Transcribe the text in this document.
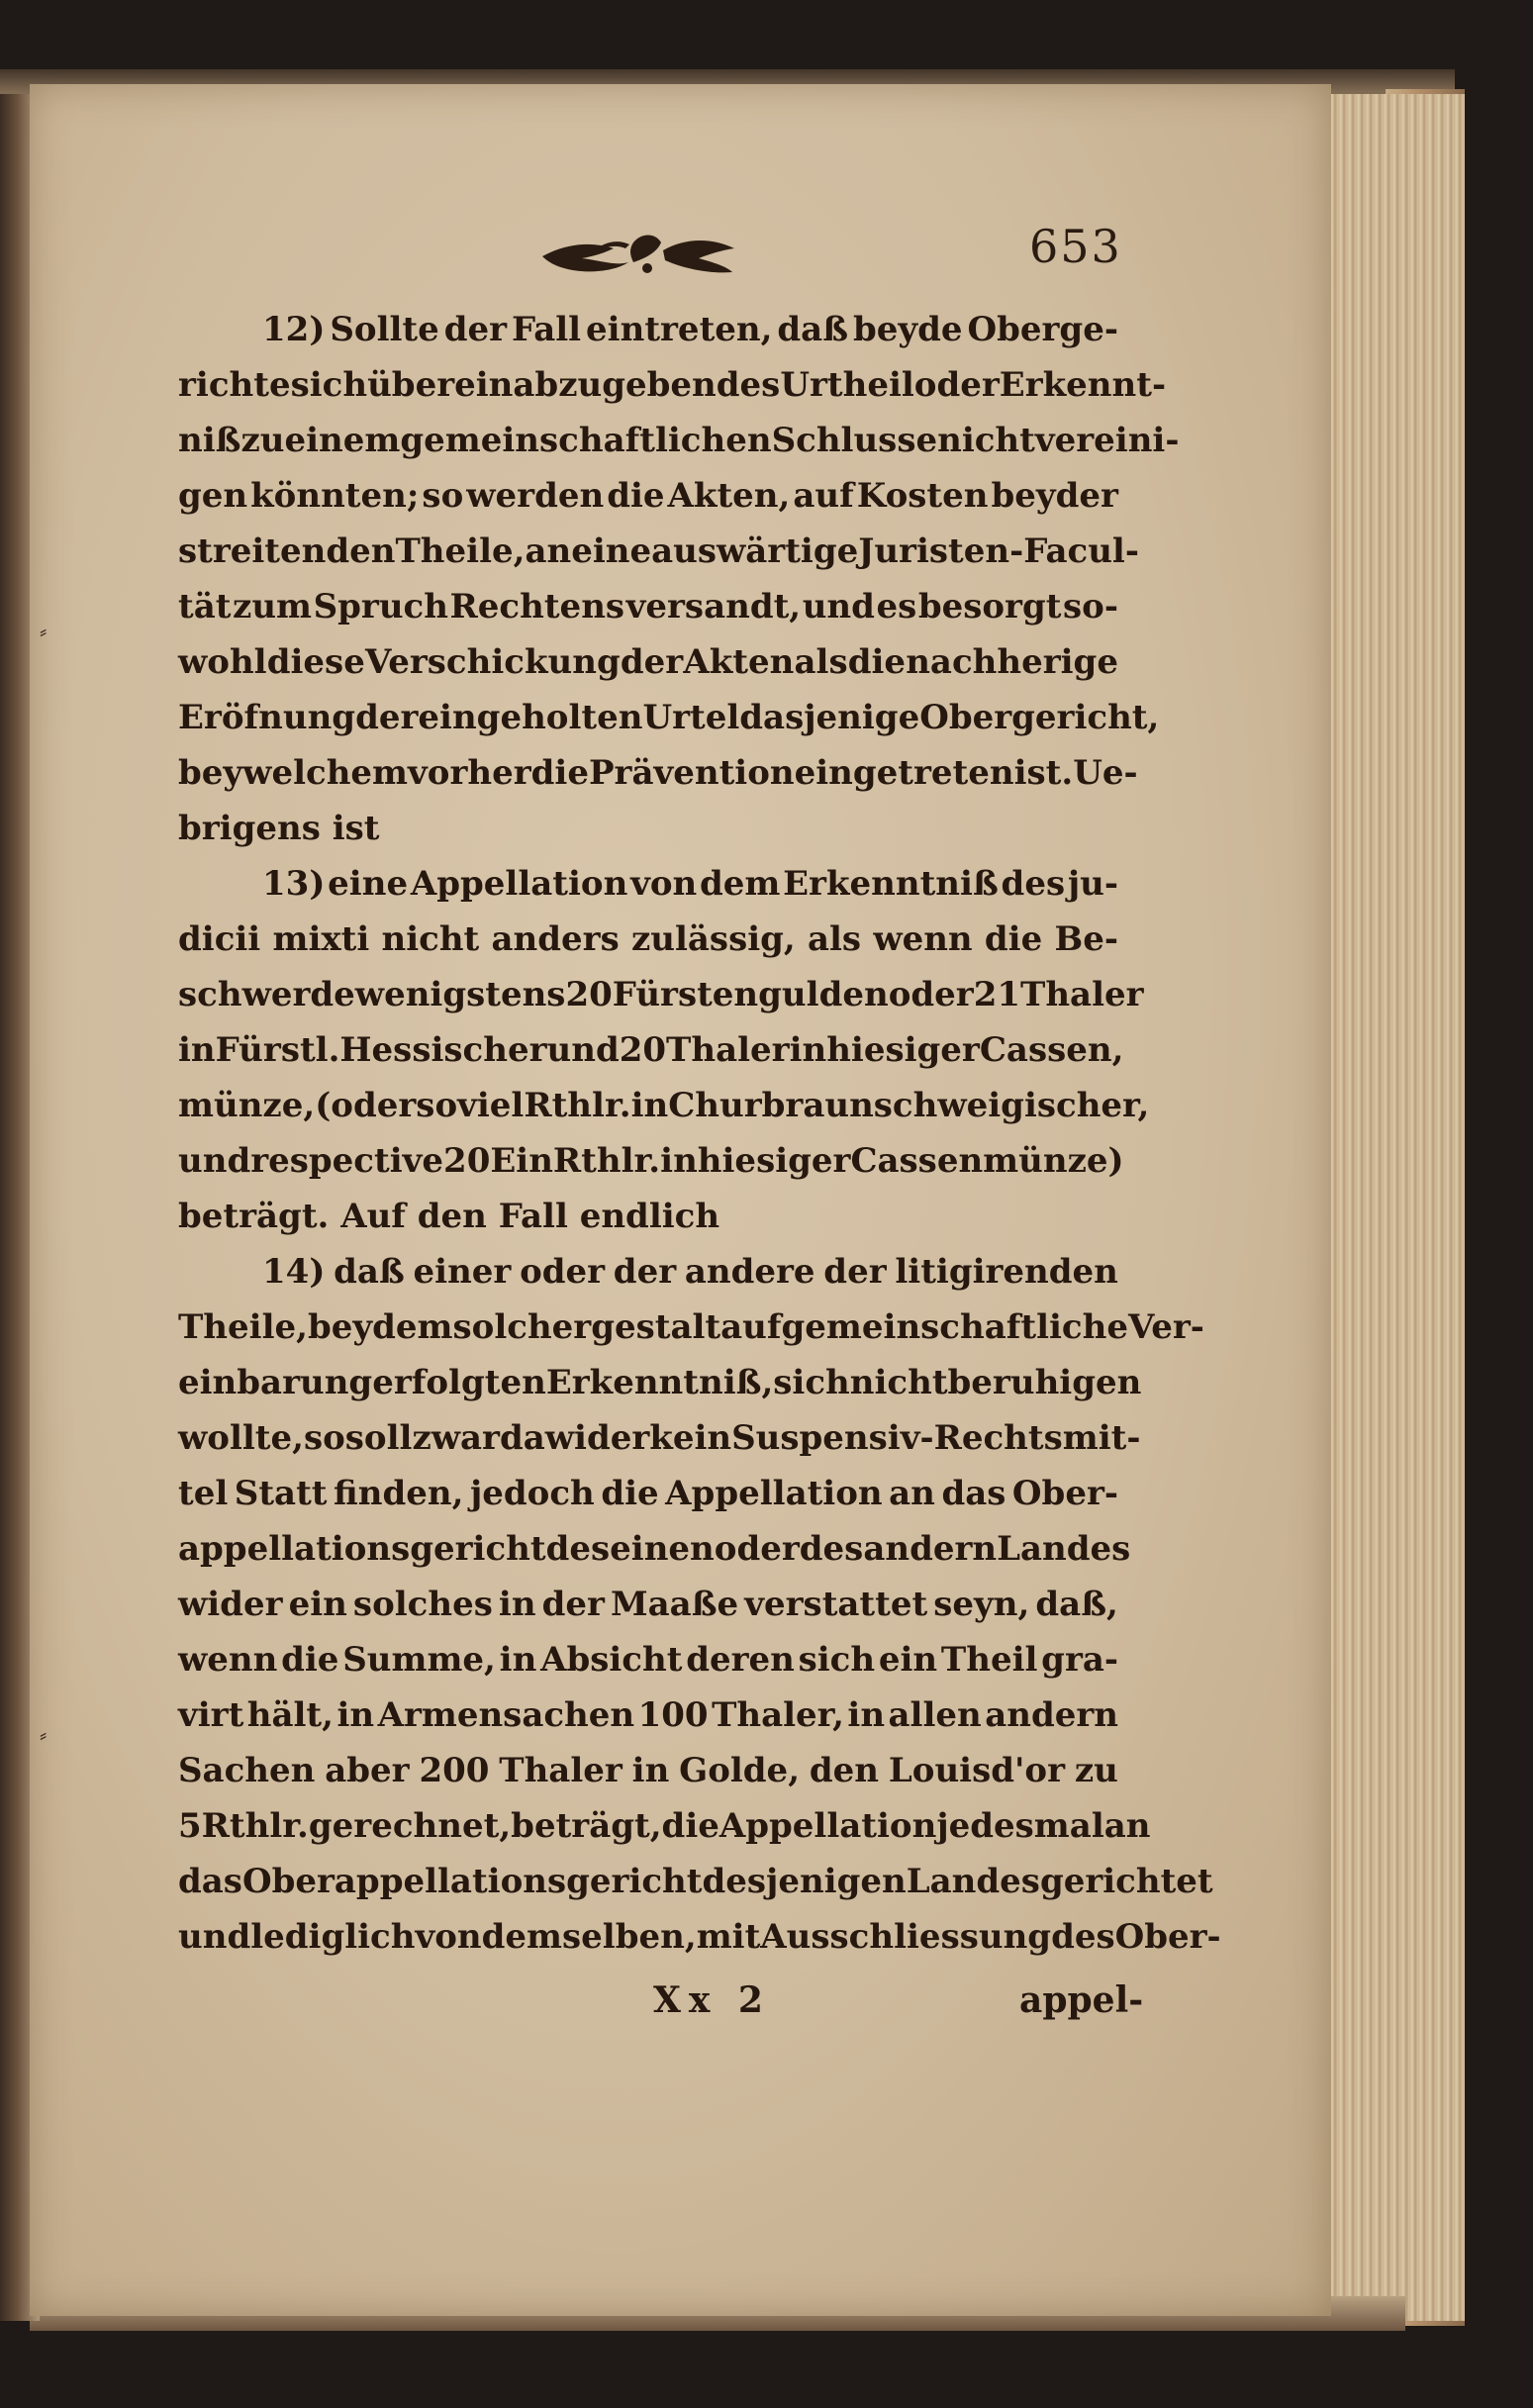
653
12) Sollte der Fall eintreten, daß beyde Oberge-
richte sich über ein abzugebendes Urtheil oder Erkennt-
niß zu einem gemeinschaftlichen Schlusse nicht vereini-
gen könnten; so werden die Akten, auf Kosten beyder
streitenden Theile, an eine auswärtige Juristen-Facul-
tät zum Spruch Rechtens versandt, und es besorgt so-
wohl diese Verschickung der Akten als die nachherige
Eröfnung der eingeholten Urtel dasjenige Obergericht,
bey welchem vorher die Prävention eingetreten ist. Ue-
brigens ist
13) eine Appellation von dem Erkenntniß des ju-
dicii mixti nicht anders zulässig, als wenn die Be-
schwerde wenigstens 20 Fürstengulden oder 21 Thaler
in Fürstl. Hessischer und 20 Thaler in hiesiger Cassen,
münze, (oder soviel Rthlr. in Churbraunschweigischer,
und respective 20 Ein Rthlr. in hiesiger Cassenmünze)
beträgt. Auf den Fall endlich
14) daß einer oder der andere der litigirenden
Theile, bey dem solchergestalt auf gemeinschaftliche Ver-
einbarung erfolgten Erkenntniß, sich nicht beruhigen
wollte, so soll zwar dawider kein Suspensiv-Rechtsmit-
tel Statt finden, jedoch die Appellation an das Ober-
appellationsgericht des einen oder des andern Landes
wider ein solches in der Maaße verstattet seyn, daß,
wenn die Summe, in Absicht deren sich ein Theil gra-
virt hält, in Armensachen 100 Thaler, in allen andern
Sachen aber 200 Thaler in Golde, den Louisd'or zu
5 Rthlr. gerechnet, beträgt, die Appellation jedesmal an
das Oberappellationsgericht desjenigen Landes gerichtet
und lediglich von demselben, mit Ausschliessung des Ober-
Xx 2	appel-
⸗
⸗
